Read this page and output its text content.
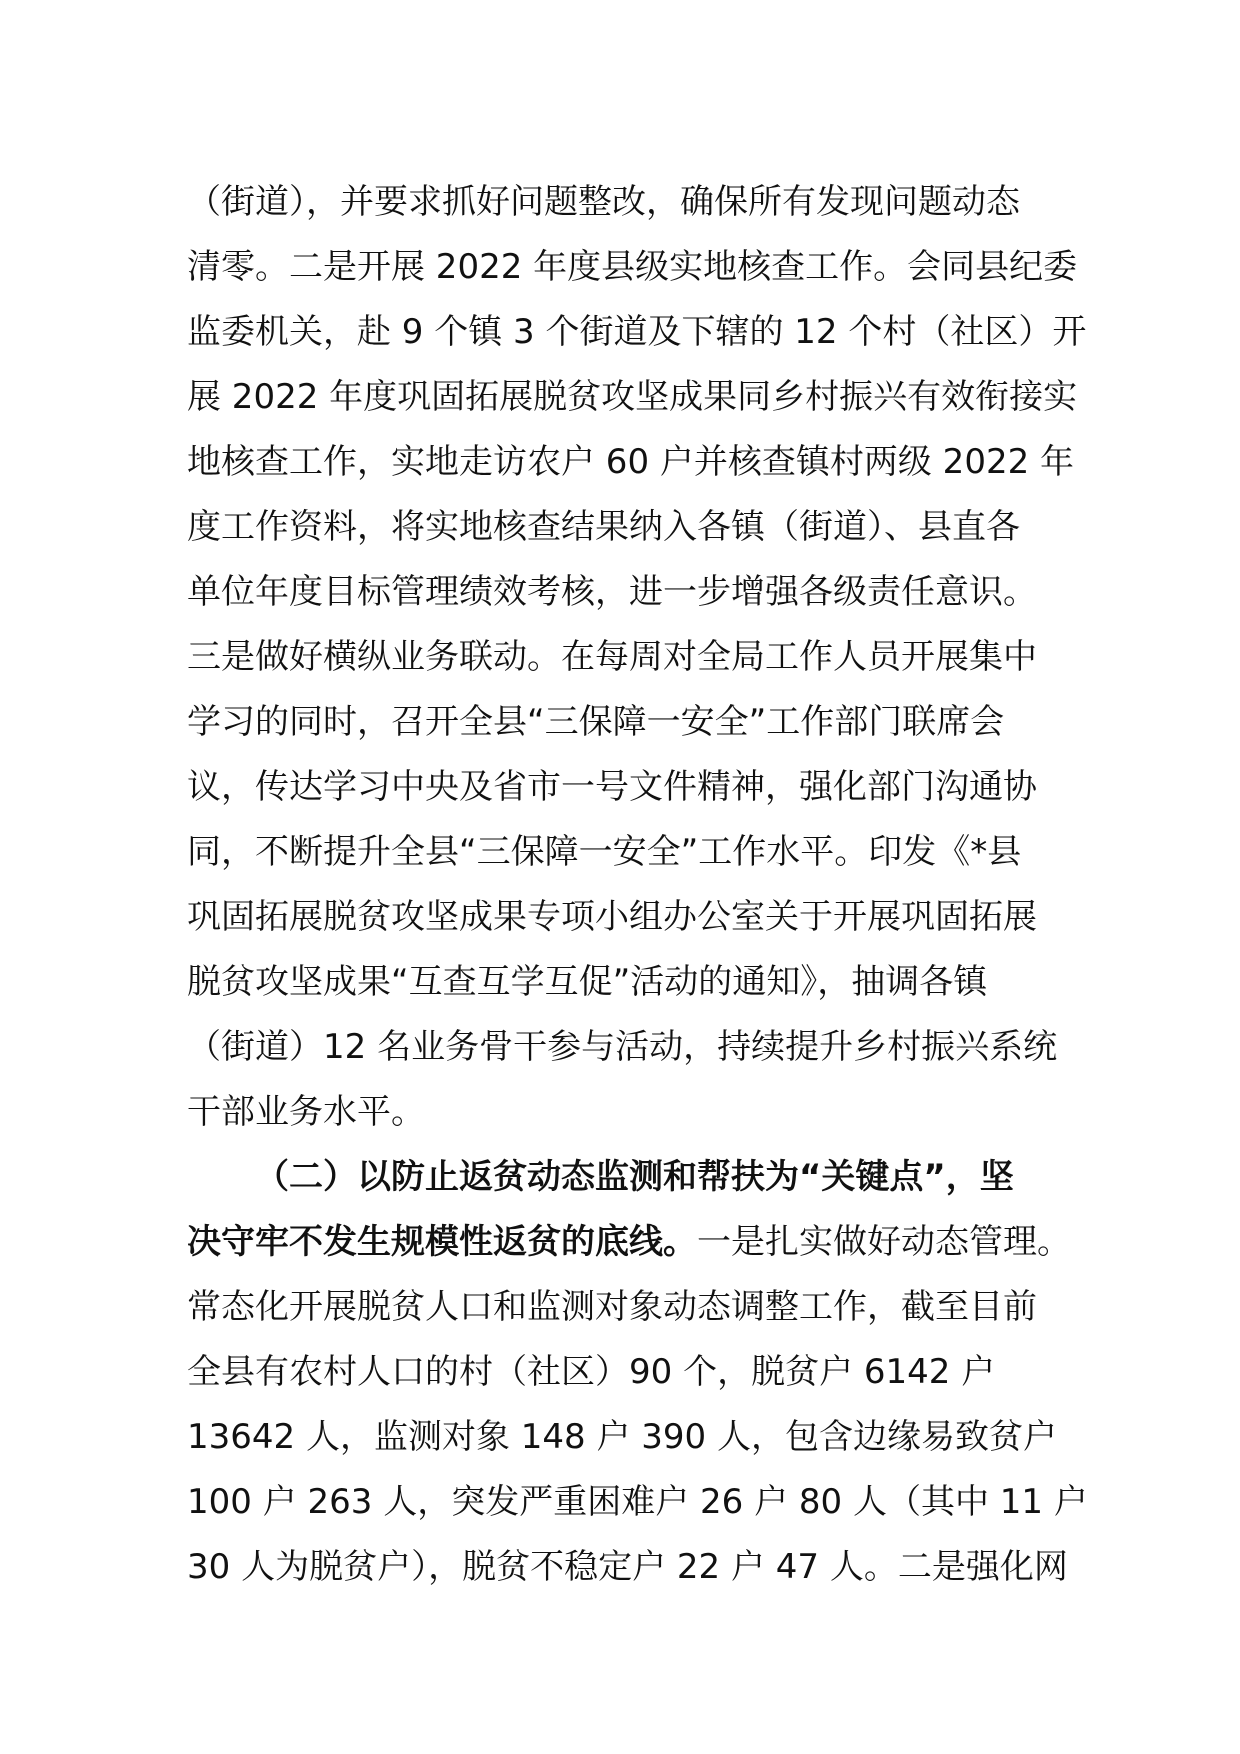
（街道），并要求抓好问题整改，确保所有发现问题动态
清零。二是开展 2022 年度县级实地核查工作。会同县纪委
监委机关，赴 9 个镇 3 个街道及下辖的 12 个村（社区）开
展 2022 年度巩固拓展脱贫攻坚成果同乡村振兴有效衔接实
地核查工作，实地走访农户 60 户并核查镇村两级 2022 年
度工作资料，将实地核查结果纳入各镇（街道）、县直各
单位年度目标管理绩效考核，进一步增强各级责任意识。
三是做好横纵业务联动。在每周对全局工作人员开展集中
学习的同时，召开全县“三保障一安全”工作部门联席会
议，传达学习中央及省市一号文件精神，强化部门沟通协
同，不断提升全县“三保障一安全”工作水平。印发《*县
巩固拓展脱贫攻坚成果专项小组办公室关于开展巩固拓展
脱贫攻坚成果“互查互学互促”活动的通知》，抽调各镇
（街道）12 名业务骨干参与活动，持续提升乡村振兴系统
干部业务水平。
（二）以防止返贫动态监测和帮扶为“关键点”，坚
决守牢不发生规模性返贫的底线。一是扎实做好动态管理。
常态化开展脱贫人口和监测对象动态调整工作，截至目前
全县有农村人口的村（社区）90 个，脱贫户 6142 户
13642 人，监测对象 148 户 390 人，包含边缘易致贫户
100 户 263 人，突发严重困难户 26 户 80 人（其中 11 户
30 人为脱贫户），脱贫不稳定户 22 户 47 人。二是强化网
